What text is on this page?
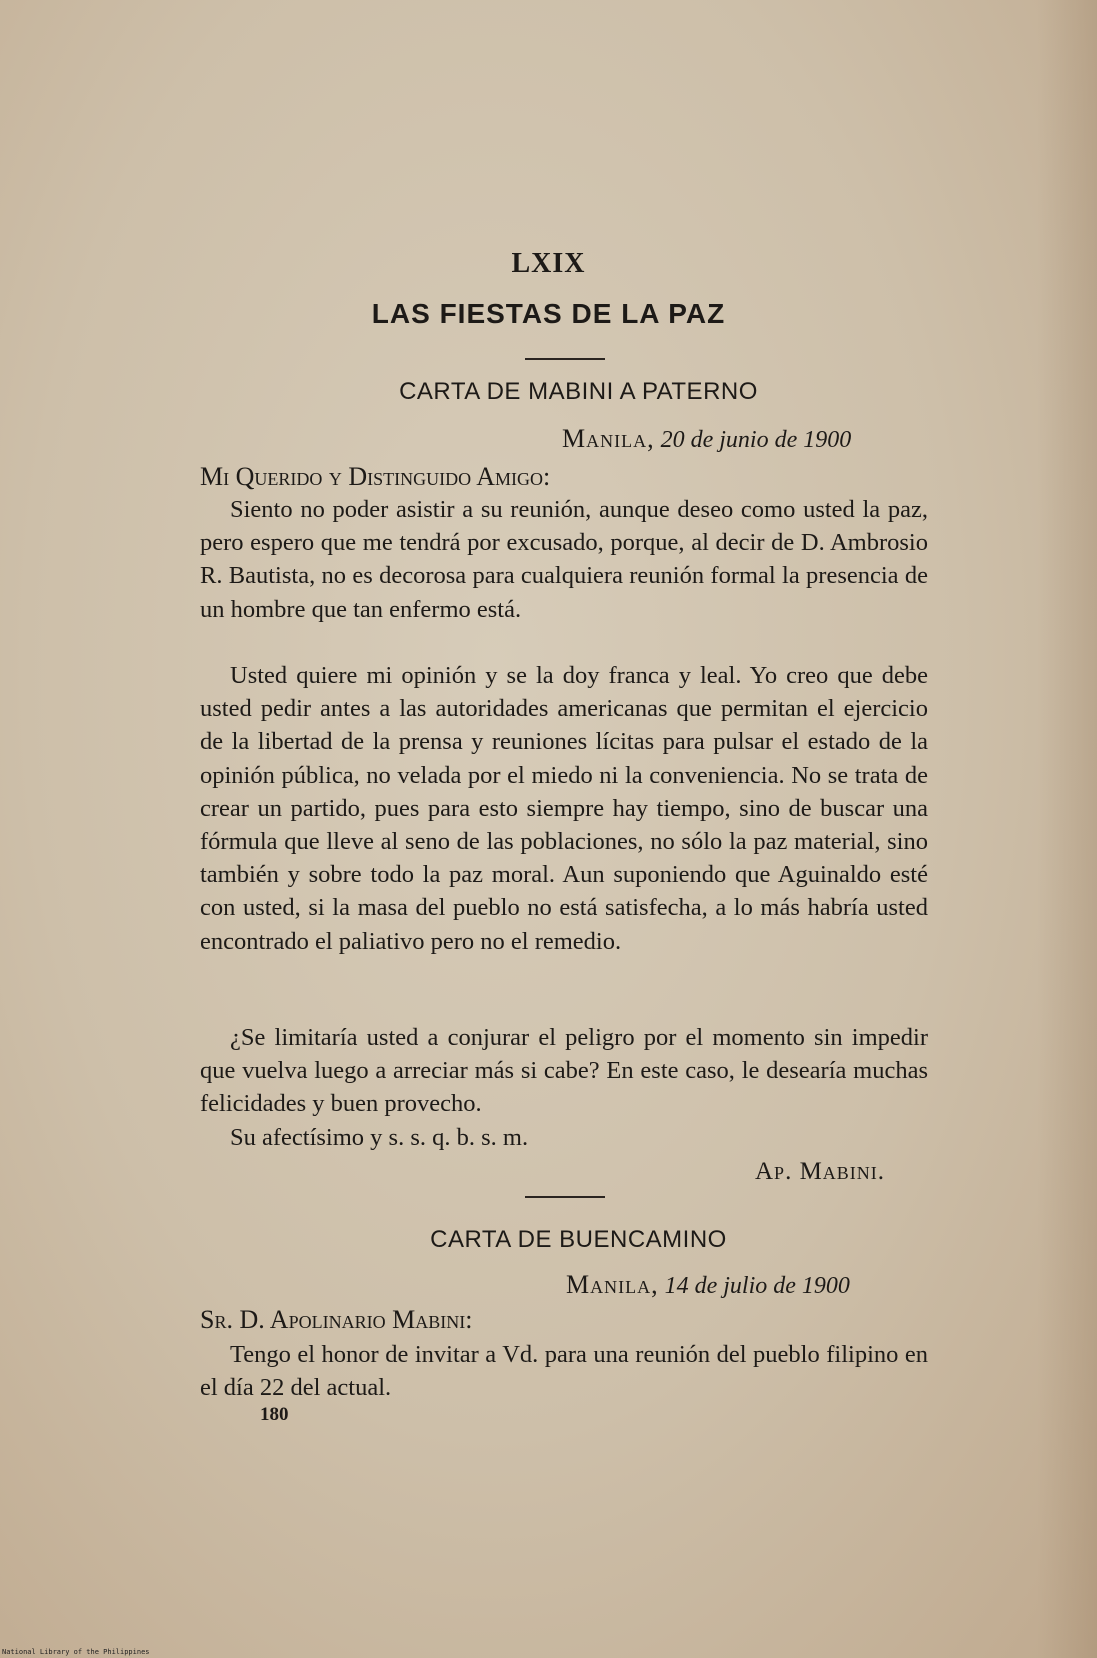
LXIX
LAS FIESTAS DE LA PAZ
CARTA DE MABINI A PATERNO
Manila, 20 de junio de 1900
Mi Querido y Distinguido Amigo:
Siento no poder asistir a su reunión, aunque deseo como usted la paz, pero espero que me tendrá por excusado, porque, al decir de D. Ambrosio R. Bautista, no es decorosa para cualquiera reunión formal la presencia de un hombre que tan enfermo está.
Usted quiere mi opinión y se la doy franca y leal. Yo creo que debe usted pedir antes a las autoridades americanas que permitan el ejercicio de la libertad de la prensa y reuniones lícitas para pulsar el estado de la opinión pública, no velada por el miedo ni la conveniencia. No se trata de crear un partido, pues para esto siempre hay tiempo, sino de buscar una fórmula que lleve al seno de las poblaciones, no sólo la paz material, sino también y sobre todo la paz moral. Aun suponiendo que Aguinaldo esté con usted, si la masa del pueblo no está satisfecha, a lo más habría usted encontrado el paliativo pero no el remedio.
¿Se limitaría usted a conjurar el peligro por el momento sin impedir que vuelva luego a arreciar más si cabe? En este caso, le desearía muchas felicidades y buen provecho.
Su afectísimo y s. s. q. b. s. m.
Ap. Mabini.
CARTA DE BUENCAMINO
Manila, 14 de julio de 1900
Sr. D. Apolinario Mabini:
Tengo el honor de invitar a Vd. para una reunión del pueblo filipino en el día 22 del actual.
180
National Library of the Philippines
